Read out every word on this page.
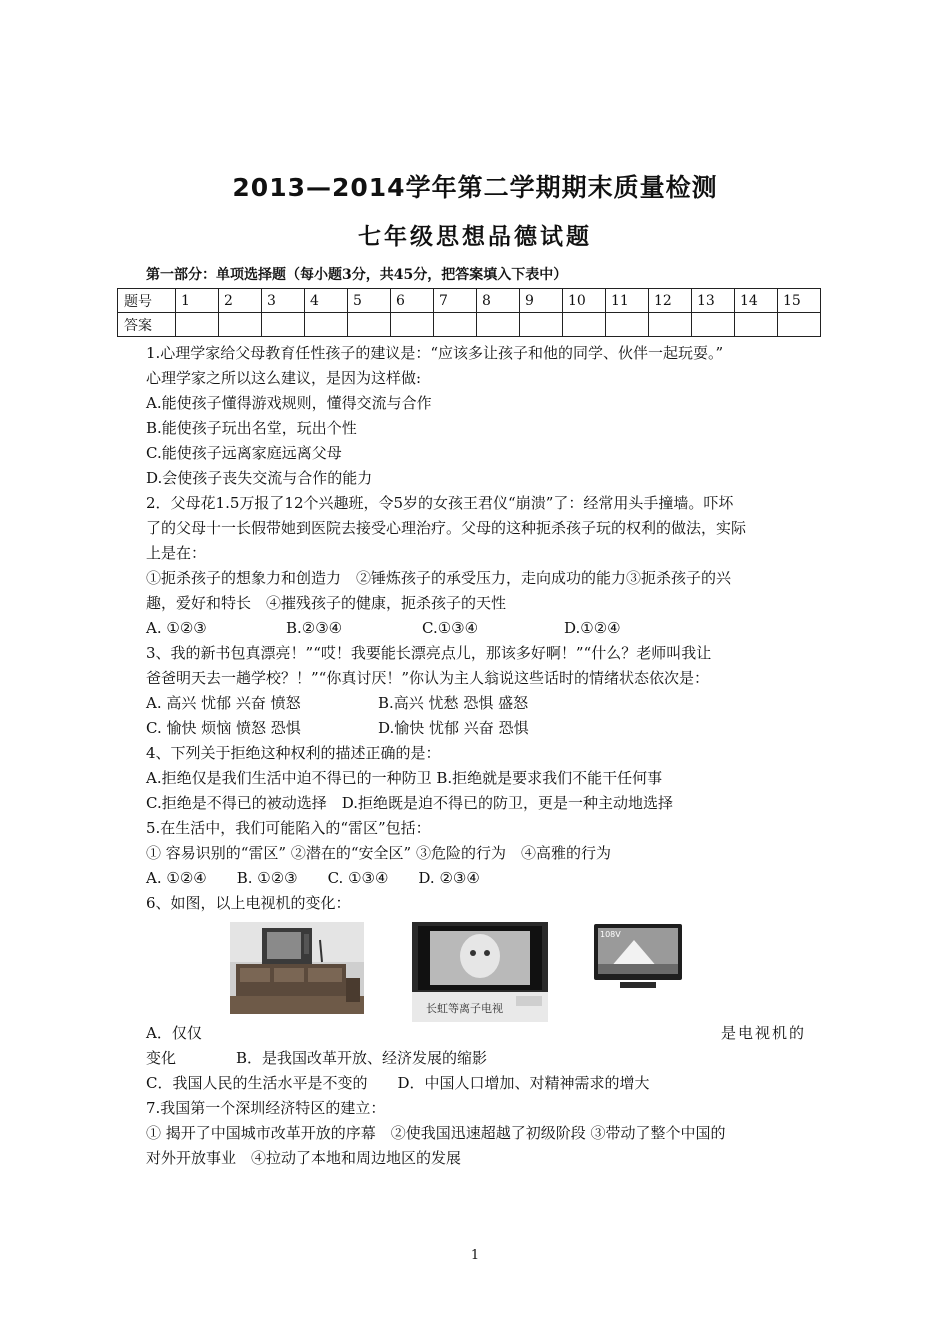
2013—2014学年第二学期期末质量检测
七年级思想品德试题
第一部分：单项选择题（每小题3分，共45分，把答案填入下表中）
题号	1	2	3	4	5	6	7	8	9	10	11	12	13	14	15
答案															
1.心理学家给父母教育任性孩子的建议是：“应该多让孩子和他的同学、伙伴一起玩耍。”
心理学家之所以这么建议，是因为这样做:
A.能使孩子懂得游戏规则，懂得交流与合作
B.能使孩子玩出名堂，玩出个性
C.能使孩子远离家庭远离父母
D.会使孩子丧失交流与合作的能力
2．父母花1.5万报了12个兴趣班，令5岁的女孩王君仪“崩溃”了：经常用头手撞墙。吓坏
了的父母十一长假带她到医院去接受心理治疗。父母的这种扼杀孩子玩的权利的做法，实际
上是在：
①扼杀孩子的想象力和创造力　②锤炼孩子的承受压力，走向成功的能力③扼杀孩子的兴
趣，爱好和特长　④摧残孩子的健康，扼杀孩子的天性
A. ①②③	B.②③④	C.①③④	D.①②④
3、我的新书包真漂亮！”“哎！我要能长漂亮点儿，那该多好啊！”“什么？老师叫我让
爸爸明天去一趟学校？！”“你真讨厌！”你认为主人翁说这些话时的情绪状态依次是：
A. 高兴 忧郁 兴奋 愤怒	B.高兴 忧愁 恐惧 盛怒
C. 愉快 烦恼 愤怒 恐惧	D.愉快 忧郁 兴奋 恐惧
4、下列关于拒绝这种权利的描述正确的是：
A.拒绝仅是我们生活中迫不得已的一种防卫 B.拒绝就是要求我们不能干任何事
C.拒绝是不得已的被动选择　D.拒绝既是迫不得已的防卫，更是一种主动地选择
5.在生活中，我们可能陷入的“雷区”包括：
① 容易识别的“雷区” ②潜在的“安全区” ③危险的行为　④高雅的行为
A. ①②④　　B. ①②③　　C. ①③④　　D. ②③④
6、如图，以上电视机的变化：
长虹等离子电视
108V
A．仅仅	是电视机的
变化　　　　B．是我国改革开放、经济发展的缩影
C．我国人民的生活水平是不变的　　D．中国人口增加、对精神需求的增大
7.我国第一个深圳经济特区的建立：
① 揭开了中国城市改革开放的序幕　②使我国迅速超越了初级阶段 ③带动了整个中国的
对外开放事业　④拉动了本地和周边地区的发展
1
